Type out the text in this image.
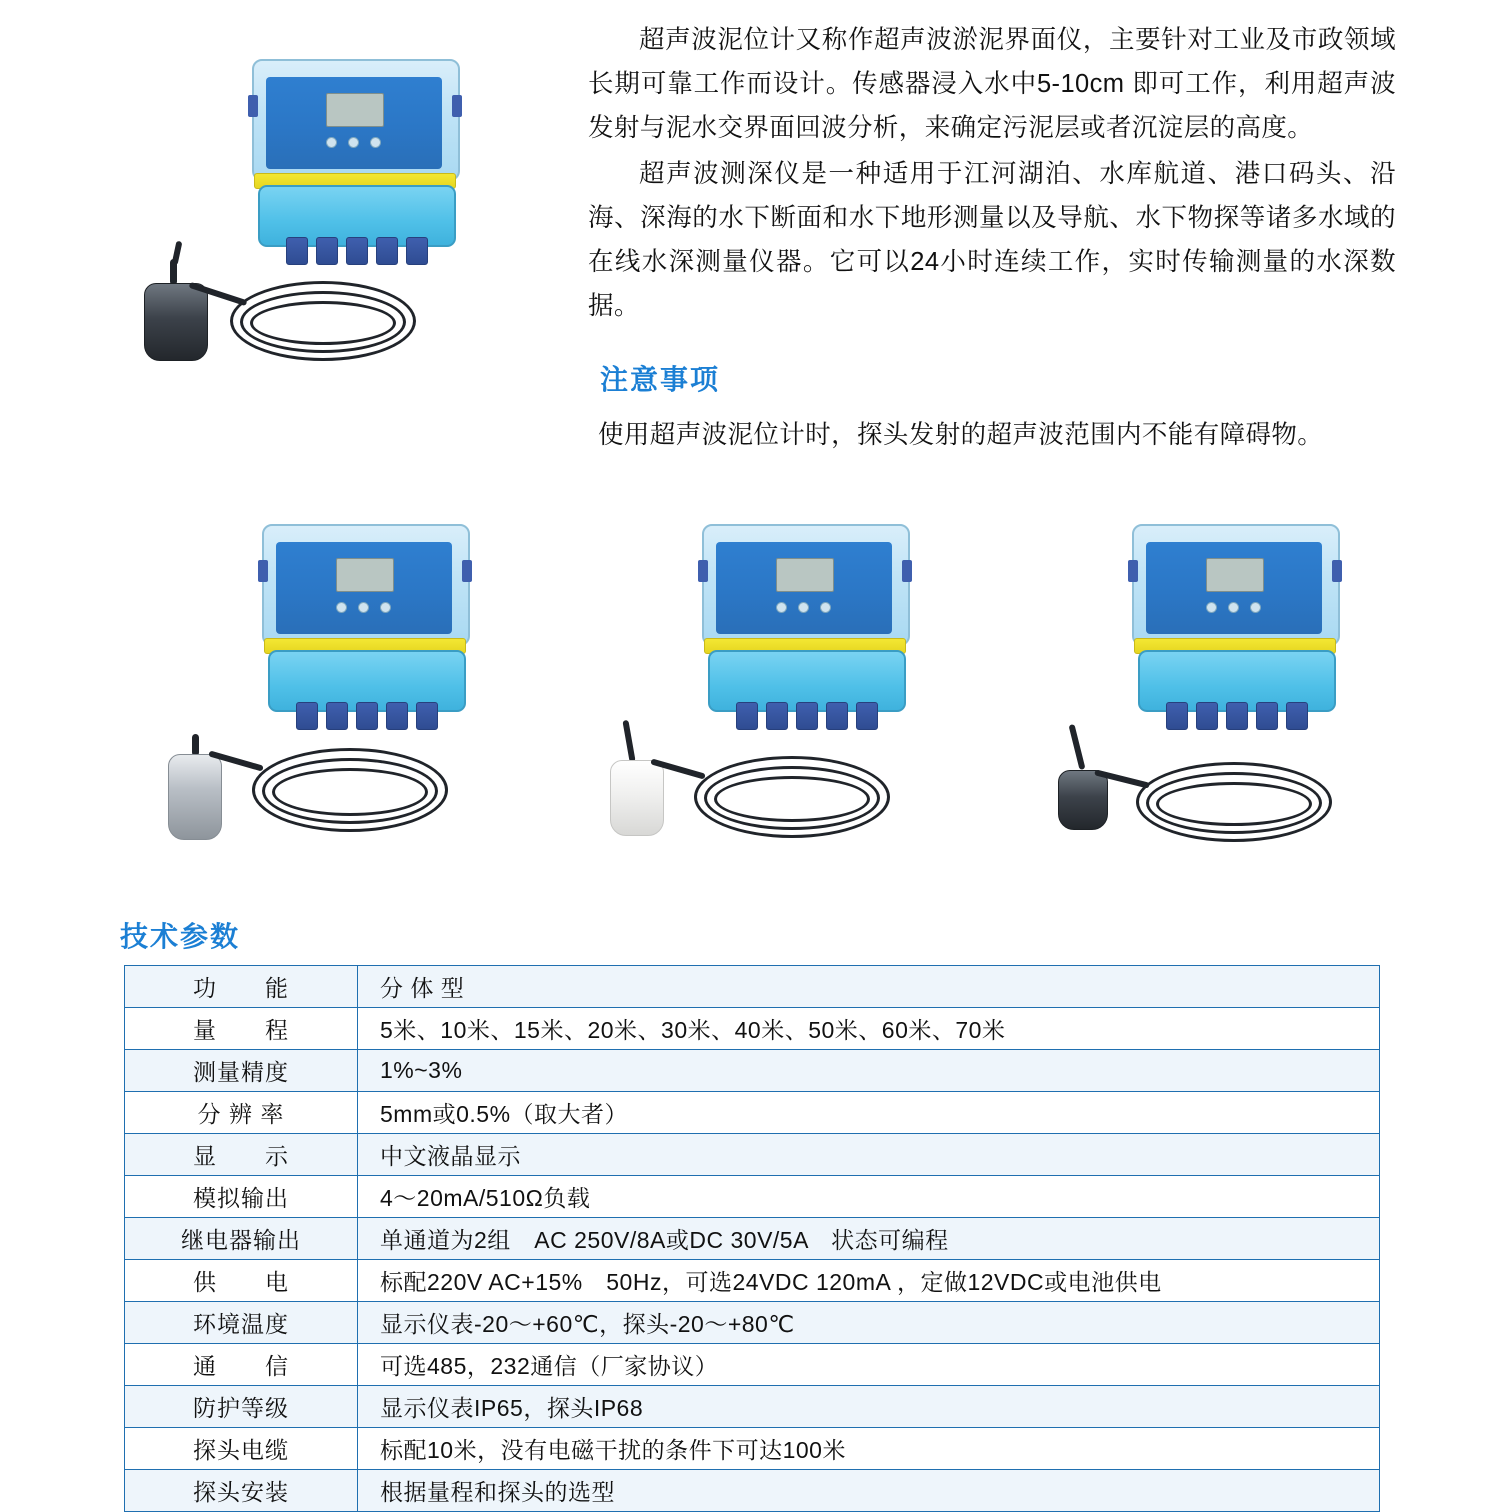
超声波泥位计又称作超声波淤泥界面仪，主要针对工业及市政领域长期可靠工作而设计。传感器浸入水中5-10cm 即可工作，利用超声波发射与泥水交界面回波分析，来确定污泥层或者沉淀层的高度。

超声波测深仪是一种适用于江河湖泊、水库航道、港口码头、沿海、深海的水下断面和水下地形测量以及导航、水下物探等诸多水域的在线水深测量仪器。它可以24小时连续工作，实时传输测量的水深数据。

注意事项
使用超声波泥位计时，探头发射的超声波范围内不能有障碍物。
技术参数
功　　能	分 体 型
量　　程	5米、10米、15米、20米、30米、40米、50米、60米、70米
测量精度	1%~3%
分 辨 率	5mm或0.5%（取大者）
显　　示	中文液晶显示
模拟输出	4～20mA/510Ω负载
继电器输出	单通道为2组　AC 250V/8A或DC 30V/5A　状态可编程
供　　电	标配220V AC+15%　50Hz，可选24VDC 120mA ，定做12VDC或电池供电
环境温度	显示仪表-20～+60℃，探头-20～+80℃
通　　信	可选485，232通信（厂家协议）
防护等级	显示仪表IP65，探头IP68
探头电缆	标配10米，没有电磁干扰的条件下可达100米
探头安装	根据量程和探头的选型
